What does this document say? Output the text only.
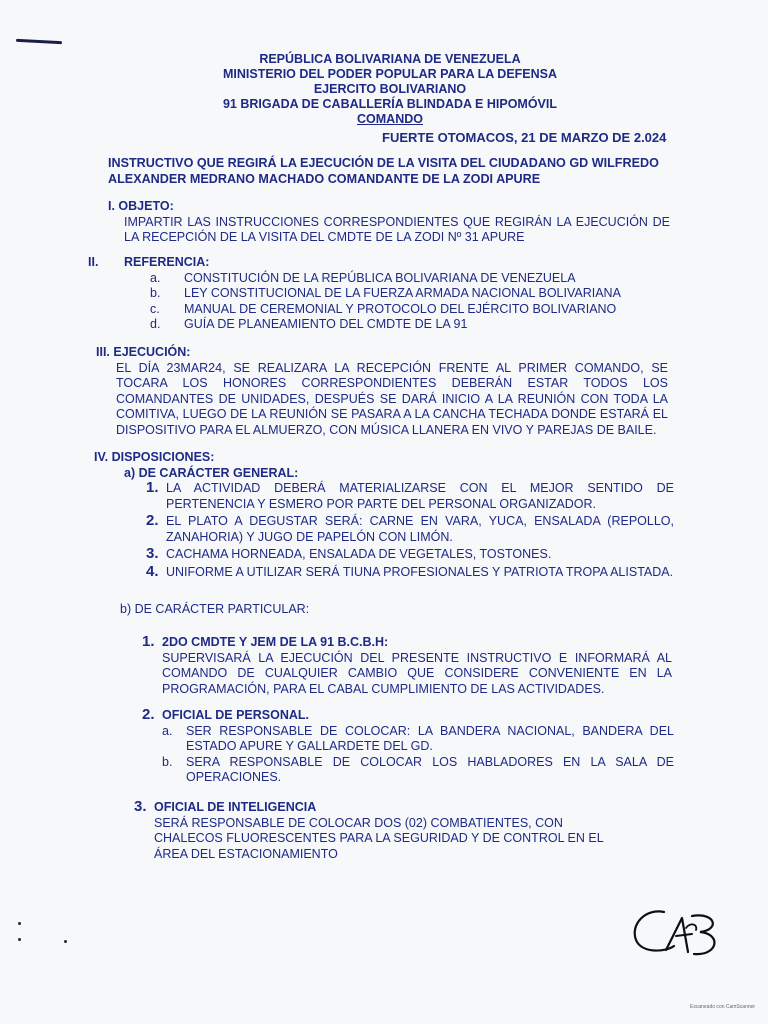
REPÚBLICA BOLIVARIANA DE VENEZUELA
MINISTERIO DEL PODER POPULAR PARA LA DEFENSA
EJERCITO BOLIVARIANO
91 BRIGADA DE CABALLERÍA BLINDADA E HIPOMÓVIL
COMANDO
FUERTE OTOMACOS, 21 DE MARZO DE 2.024
INSTRUCTIVO QUE REGIRÁ LA EJECUCIÓN DE LA VISITA DEL CIUDADANO GD WILFREDO ALEXANDER MEDRANO MACHADO COMANDANTE DE LA ZODI APURE
I. OBJETO:
IMPARTIR LAS INSTRUCCIONES CORRESPONDIENTES QUE REGIRÁN LA EJECUCIÓN DE LA RECEPCIÓN DE LA VISITA DEL CMDTE DE LA ZODI Nº 31 APURE
II. REFERENCIA:
a. CONSTITUCIÓN DE LA REPÚBLICA BOLIVARIANA DE VENEZUELA
b. LEY CONSTITUCIONAL DE LA FUERZA ARMADA NACIONAL BOLIVARIANA
c. MANUAL DE CEREMONIAL Y PROTOCOLO DEL EJÉRCITO BOLIVARIANO
d. GUÍA DE PLANEAMIENTO DEL CMDTE DE LA 91
III. EJECUCIÓN:
EL DÍA 23MAR24, SE REALIZARA LA RECEPCIÓN FRENTE AL PRIMER COMANDO, SE TOCARA LOS HONORES CORRESPONDIENTES DEBERÁN ESTAR TODOS LOS COMANDANTES DE UNIDADES, DESPUÉS SE DARÁ INICIO A LA REUNIÓN CON TODA LA COMITIVA, LUEGO DE LA REUNIÓN SE PASARA A LA CANCHA TECHADA DONDE ESTARÁ EL DISPOSITIVO PARA EL ALMUERZO, CON MÚSICA LLANERA EN VIVO Y PAREJAS DE BAILE.
IV. DISPOSICIONES:
a) DE CARÁCTER GENERAL:
1. LA ACTIVIDAD DEBERÁ MATERIALIZARSE CON EL MEJOR SENTIDO DE PERTENENCIA Y ESMERO POR PARTE DEL PERSONAL ORGANIZADOR.
2. EL PLATO A DEGUSTAR SERÁ: CARNE EN VARA, YUCA, ENSALADA (REPOLLO, ZANAHORIA) Y JUGO DE PAPELÓN CON LIMÓN.
3. CACHAMA HORNEADA, ENSALADA DE VEGETALES, TOSTONES.
4. UNIFORME A UTILIZAR SERÁ TIUNA PROFESIONALES Y PATRIOTA TROPA ALISTADA.
b) DE CARÁCTER PARTICULAR:
1. 2DO CMDTE Y JEM DE LA 91 B.C.B.H:
SUPERVISARÁ LA EJECUCIÓN DEL PRESENTE INSTRUCTIVO E INFORMARÁ AL COMANDO DE CUALQUIER CAMBIO QUE CONSIDERE CONVENIENTE EN LA PROGRAMACIÓN, PARA EL CABAL CUMPLIMIENTO DE LAS ACTIVIDADES.
2. OFICIAL DE PERSONAL.
a. SER RESPONSABLE DE COLOCAR: LA BANDERA NACIONAL, BANDERA DEL ESTADO APURE Y GALLARDETE DEL GD.
b. SERA RESPONSABLE DE COLOCAR LOS HABLADORES EN LA SALA DE OPERACIONES.
3. OFICIAL DE INTELIGENCIA
SERÁ RESPONSABLE DE COLOCAR DOS (02) COMBATIENTES, CON
CHALECOS FLUORESCENTES PARA LA SEGURIDAD Y DE CONTROL EN EL
ÁREA DEL ESTACIONAMIENTO
Escaneado con CamScanner
